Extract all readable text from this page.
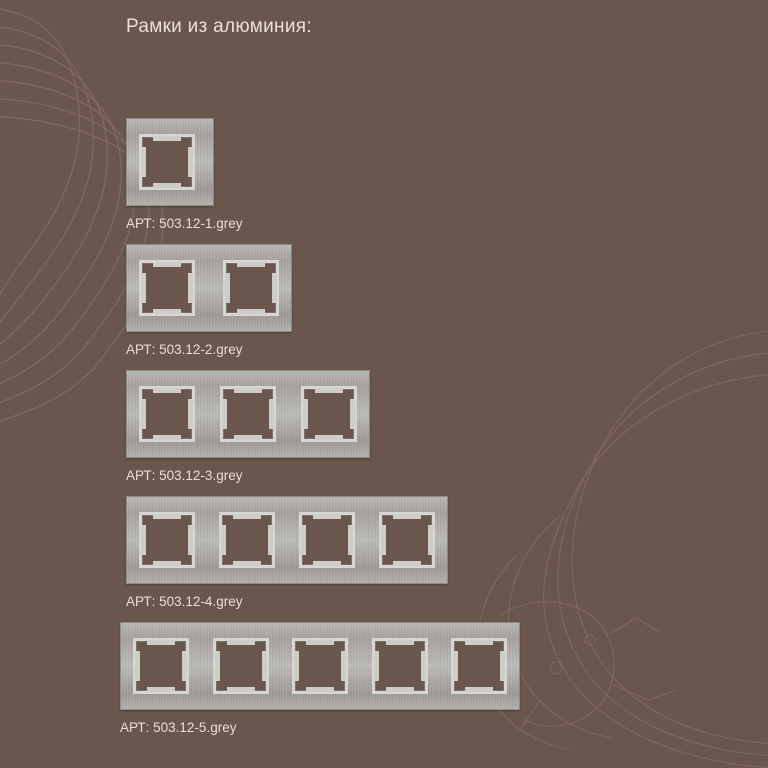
Рамки из алюминия:
АРТ: 503.12-1.grey
АРТ: 503.12-2.grey
АРТ: 503.12-3.grey
АРТ: 503.12-4.grey
АРТ: 503.12-5.grey
